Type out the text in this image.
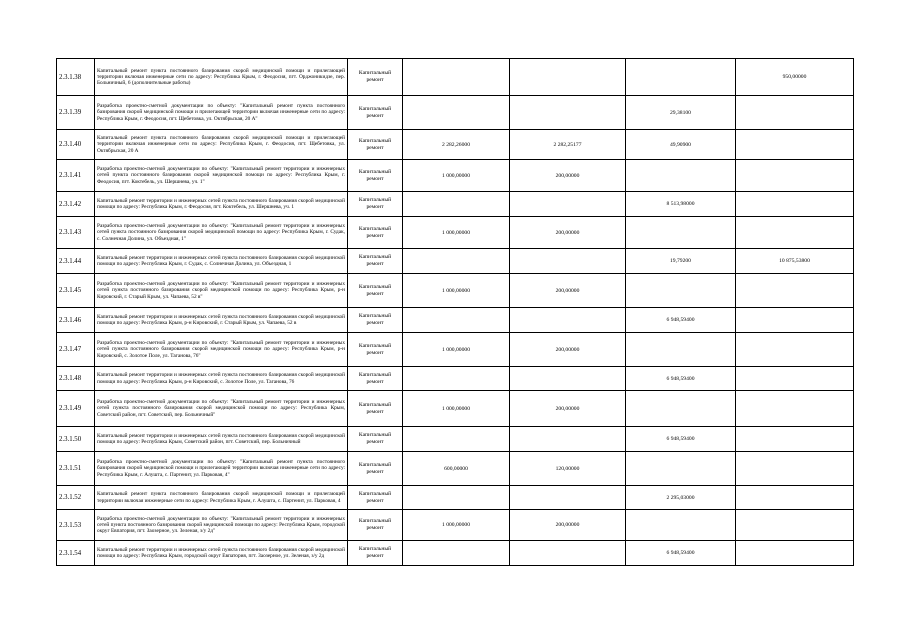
2.3.1.38	Капитальный ремонт пункта постоянного базирования скорой медицинской помощи и прилегающей территории включая инженерные сети по адресу: Республика Крым, г. Феодосия, пгт. Орджоникидзе, пер. Больничный, 6 (дополнительные работы)	Капитальный ремонт				950,00000
2.3.1.39	Разработка проектно-сметной документации по объекту: "Капитальный ремонт пункта постоянного базирования скорой медицинской помощи и прилегающей территории включая инженерные сети по адресу: Республика Крым, г. Феодосия, пгт. Щебетовка, ул. Октябрьская, 20 А"	Капитальный ремонт			29,38100	
2.3.1.40	Капитальный ремонт пункта постоянного базирования скорой медицинской помощи и прилегающей территории включая инженерные сети по адресу: Республика Крым, г. Феодосия, пгт. Щебетовка, ул. Октябрьская, 20 А	Капитальный ремонт	2 282,26000	2 282,25177	49,90900	
2.3.1.41	Разработка проектно-сметной документации по объекту: "Капитальный ремонт территории и инженерных сетей пункта постоянного базирования скорой медицинской помощи по адресу: Республика Крым, г. Феодосия, пгт. Коктебель, ул. Шершнева, уч. 1"	Капитальный ремонт	1 000,00000	200,00000		
2.3.1.42	Капитальный ремонт территории и инженерных сетей пункта постоянного базирования скорой медицинской помощи по адресу: Республика Крым, г. Феодосия, пгт. Коктебель, ул. Шершнева, уч. 1	Капитальный ремонт			8 513,98000	
2.3.1.43	Разработка проектно-сметной документации по объекту: "Капитальный ремонт территории и инженерных сетей пункта постоянного базирования скорой медицинской помощи по адресу: Республика Крым, г. Судак, с. Солнечная Долина, ул. Объездная, 1"	Капитальный ремонт	1 000,00000	200,00000		
2.3.1.44	Капитальный ремонт территории и инженерных сетей пункта постоянного базирования скорой медицинской помощи по адресу: Республика Крым, г. Судак, с. Солнечная Долина, ул. Объездная, 1	Капитальный ремонт			19,79200	10 875,53800
2.3.1.45	Разработка проектно-сметной документации по объекту: "Капитальный ремонт территории и инженерных сетей пункта постоянного базирования скорой медицинской помощи по адресу: Республика Крым, р-н Кировский, г. Старый Крым, ул. Чапаева, 52 в"	Капитальный ремонт	1 000,00000	200,00000		
2.3.1.46	Капитальный ремонт территории и инженерных сетей пункта постоянного базирования скорой медицинской помощи по адресу: Республика Крым, р-н Кировский, г. Старый Крым, ул. Чапаева, 52 в	Капитальный ремонт			6 948,59400	
2.3.1.47	Разработка проектно-сметной документации по объекту: "Капитальный ремонт территории и инженерных сетей пункта постоянного базирования скорой медицинской помощи по адресу: Республика Крым, р-н Кировский, с. Золотое Поле, ул. Таганова, 76"	Капитальный ремонт	1 000,00000	200,00000		
2.3.1.48	Капитальный ремонт территории и инженерных сетей пункта постоянного базирования скорой медицинской помощи по адресу: Республика Крым, р-н Кировский, с. Золотое Поле, ул. Таганова, 76	Капитальный ремонт			6 948,59400	
2.3.1.49	Разработка проектно-сметной документации по объекту: "Капитальный ремонт территории и инженерных сетей пункта постоянного базирования скорой медицинской помощи по адресу: Республика Крым, Советский район, пгт. Советский, пер. Больничный"	Капитальный ремонт	1 000,00000	200,00000		
2.3.1.50	Капитальный ремонт территории и инженерных сетей пункта постоянного базирования скорой медицинской помощи по адресу: Республика Крым, Советский район, пгт. Советский, пер. Больничный	Капитальный ремонт			6 948,59400	
2.3.1.51	Разработка проектно-сметной документации по объекту: "Капитальный ремонт пункта постоянного базирования скорой медицинской помощи и прилегающей территории включая инженерные сети по адресу: Республика Крым, г. Алушта, с. Партенит, ул. Парковая, 4"	Капитальный ремонт	600,00000	120,00000		
2.3.1.52	Капитальный ремонт пункта постоянного базирования скорой медицинской помощи и прилегающей территории включая инженерные сети по адресу: Республика Крым, г. Алушта, с. Партенит, ул. Парковая, 4	Капитальный ремонт			2 295,03000	
2.3.1.53	Разработка проектно-сметной документации по объекту: "Капитальный ремонт территории и инженерных сетей пункта постоянного базирования скорой медицинской помощи по адресу: Республика Крым, городской округ Евпатория, пгт. Заозерное, ул. Зеленая, з/у 2д"	Капитальный ремонт	1 000,00000	200,00000		
2.3.1.54	Капитальный ремонт территории и инженерных сетей пункта постоянного базирования скорой медицинской помощи по адресу: Республика Крым, городской округ Евпатория, пгт. Заозерное, ул. Зеленая, з/у 2д	Капитальный ремонт			6 948,59400	
